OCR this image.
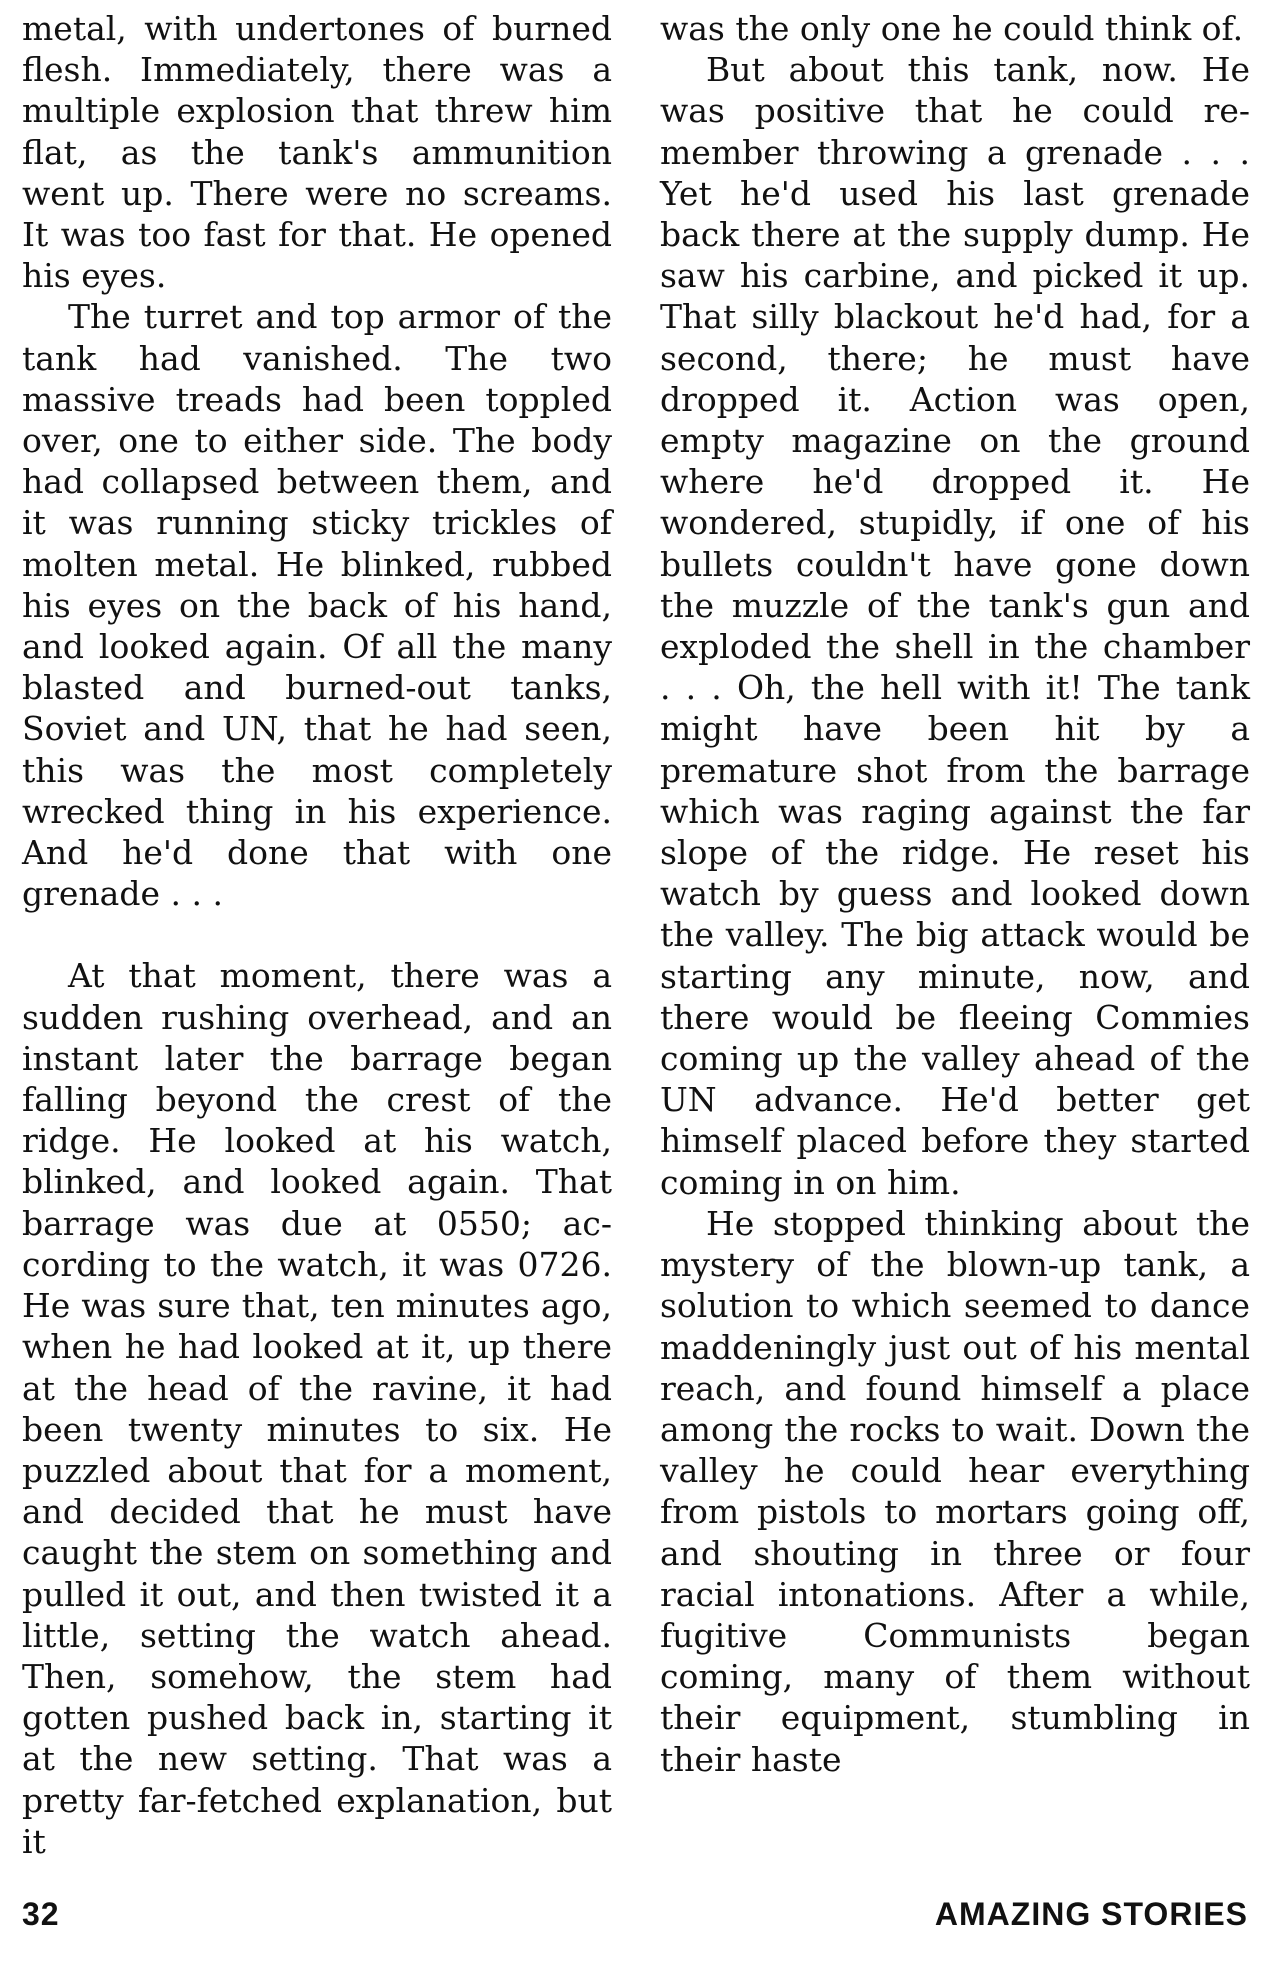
metal, with undertones of burned flesh. Immediately, there was a multiple explosion that threw him flat, as the tank's ammunition went up. There were no screams. It was too fast for that. He opened his eyes.

The turret and top armor of the tank had vanished. The two massive treads had been toppled over, one to either side. The body had collapsed between them, and it was running sticky trickles of molten metal. He blinked, rubbed his eyes on the back of his hand, and looked again. Of all the many blasted and burned-out tanks, Soviet and UN, that he had seen, this was the most completely wrecked thing in his experience. And he'd done that with one grenade . . .

At that moment, there was a sudden rushing overhead, and an instant later the barrage began falling beyond the crest of the ridge. He looked at his watch, blinked, and looked again. That barrage was due at 0550; according to the watch, it was 0726. He was sure that, ten minutes ago, when he had looked at it, up there at the head of the ravine, it had been twenty minutes to six. He puzzled about that for a moment, and decided that he must have caught the stem on something and pulled it out, and then twisted it a little, setting the watch ahead. Then, somehow, the stem had gotten pushed back in, starting it at the new setting. That was a pretty far-fetched explanation, but it

was the only one he could think of.

But about this tank, now. He was positive that he could remember throwing a grenade . . . Yet he'd used his last grenade back there at the supply dump. He saw his carbine, and picked it up. That silly blackout he'd had, for a second, there; he must have dropped it. Action was open, empty magazine on the ground where he'd dropped it. He wondered, stupidly, if one of his bullets couldn't have gone down the muzzle of the tank's gun and exploded the shell in the chamber . . . Oh, the hell with it! The tank might have been hit by a premature shot from the barrage which was raging against the far slope of the ridge. He reset his watch by guess and looked down the valley. The big attack would be starting any minute, now, and there would be fleeing Commies coming up the valley ahead of the UN advance. He'd better get himself placed before they started coming in on him.

He stopped thinking about the mystery of the blown-up tank, a solution to which seemed to dance maddeningly just out of his mental reach, and found himself a place among the rocks to wait. Down the valley he could hear everything from pistols to mortars going off, and shouting in three or four racial intonations. After a while, fugitive Communists began coming, many of them without their equipment, stumbling in their haste

32	AMAZING STORIES
